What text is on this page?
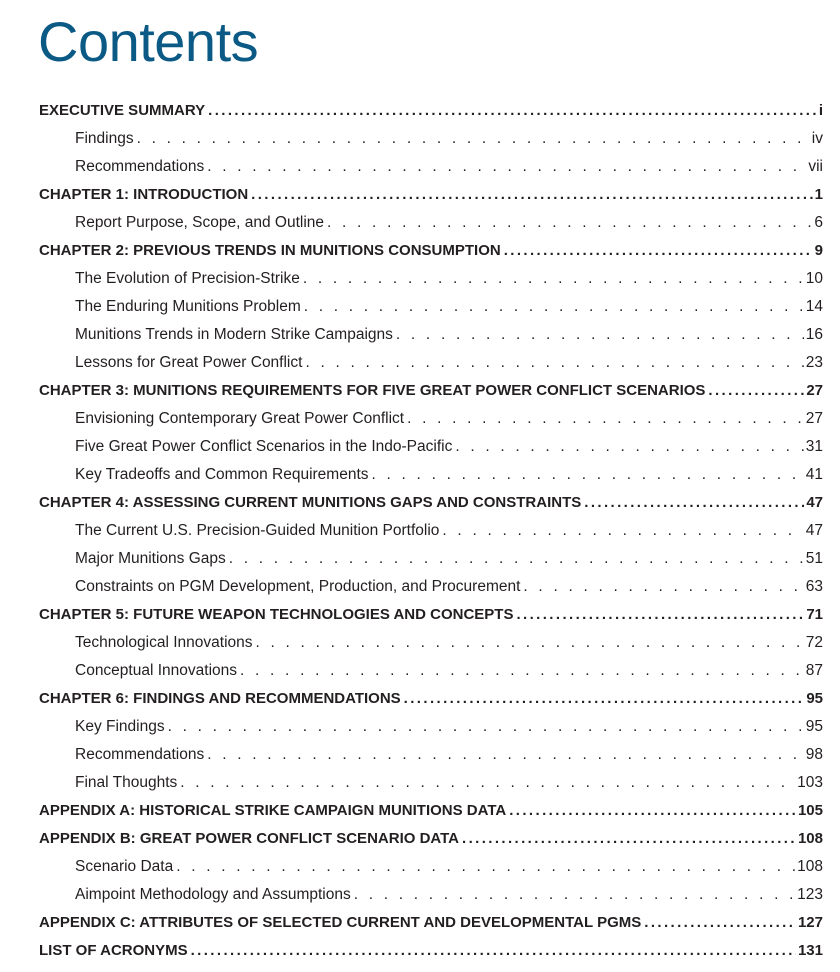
Contents
EXECUTIVE SUMMARY .....	i
Findings . . .	iv
Recommendations . . .	vii
CHAPTER 1: INTRODUCTION .....	1
Report Purpose, Scope, and Outline . . .	6
CHAPTER 2: PREVIOUS TRENDS IN MUNITIONS CONSUMPTION .....	9
The Evolution of Precision-Strike . . .	10
The Enduring Munitions Problem . . .	14
Munitions Trends in Modern Strike Campaigns . . .	16
Lessons for Great Power Conflict . . .	23
CHAPTER 3: MUNITIONS REQUIREMENTS FOR FIVE GREAT POWER CONFLICT SCENARIOS .....	27
Envisioning Contemporary Great Power Conflict . . .	27
Five Great Power Conflict Scenarios in the Indo-Pacific . . .	31
Key Tradeoffs and Common Requirements . . .	41
CHAPTER 4: ASSESSING CURRENT MUNITIONS GAPS AND CONSTRAINTS .....	47
The Current U.S. Precision-Guided Munition Portfolio . . .	47
Major Munitions Gaps . . .	51
Constraints on PGM Development, Production, and Procurement . . .	63
CHAPTER 5: FUTURE WEAPON TECHNOLOGIES AND CONCEPTS .....	71
Technological Innovations . . .	72
Conceptual Innovations . . .	87
CHAPTER 6: FINDINGS AND RECOMMENDATIONS .....	95
Key Findings . . .	95
Recommendations . . .	98
Final Thoughts . . .	103
APPENDIX A: HISTORICAL STRIKE CAMPAIGN MUNITIONS DATA .....	105
APPENDIX B: GREAT POWER CONFLICT SCENARIO DATA .....	108
Scenario Data . . .	108
Aimpoint Methodology and Assumptions . . .	123
APPENDIX C: ATTRIBUTES OF SELECTED CURRENT AND DEVELOPMENTAL PGMS .....	127
LIST OF ACRONYMS .....	131
